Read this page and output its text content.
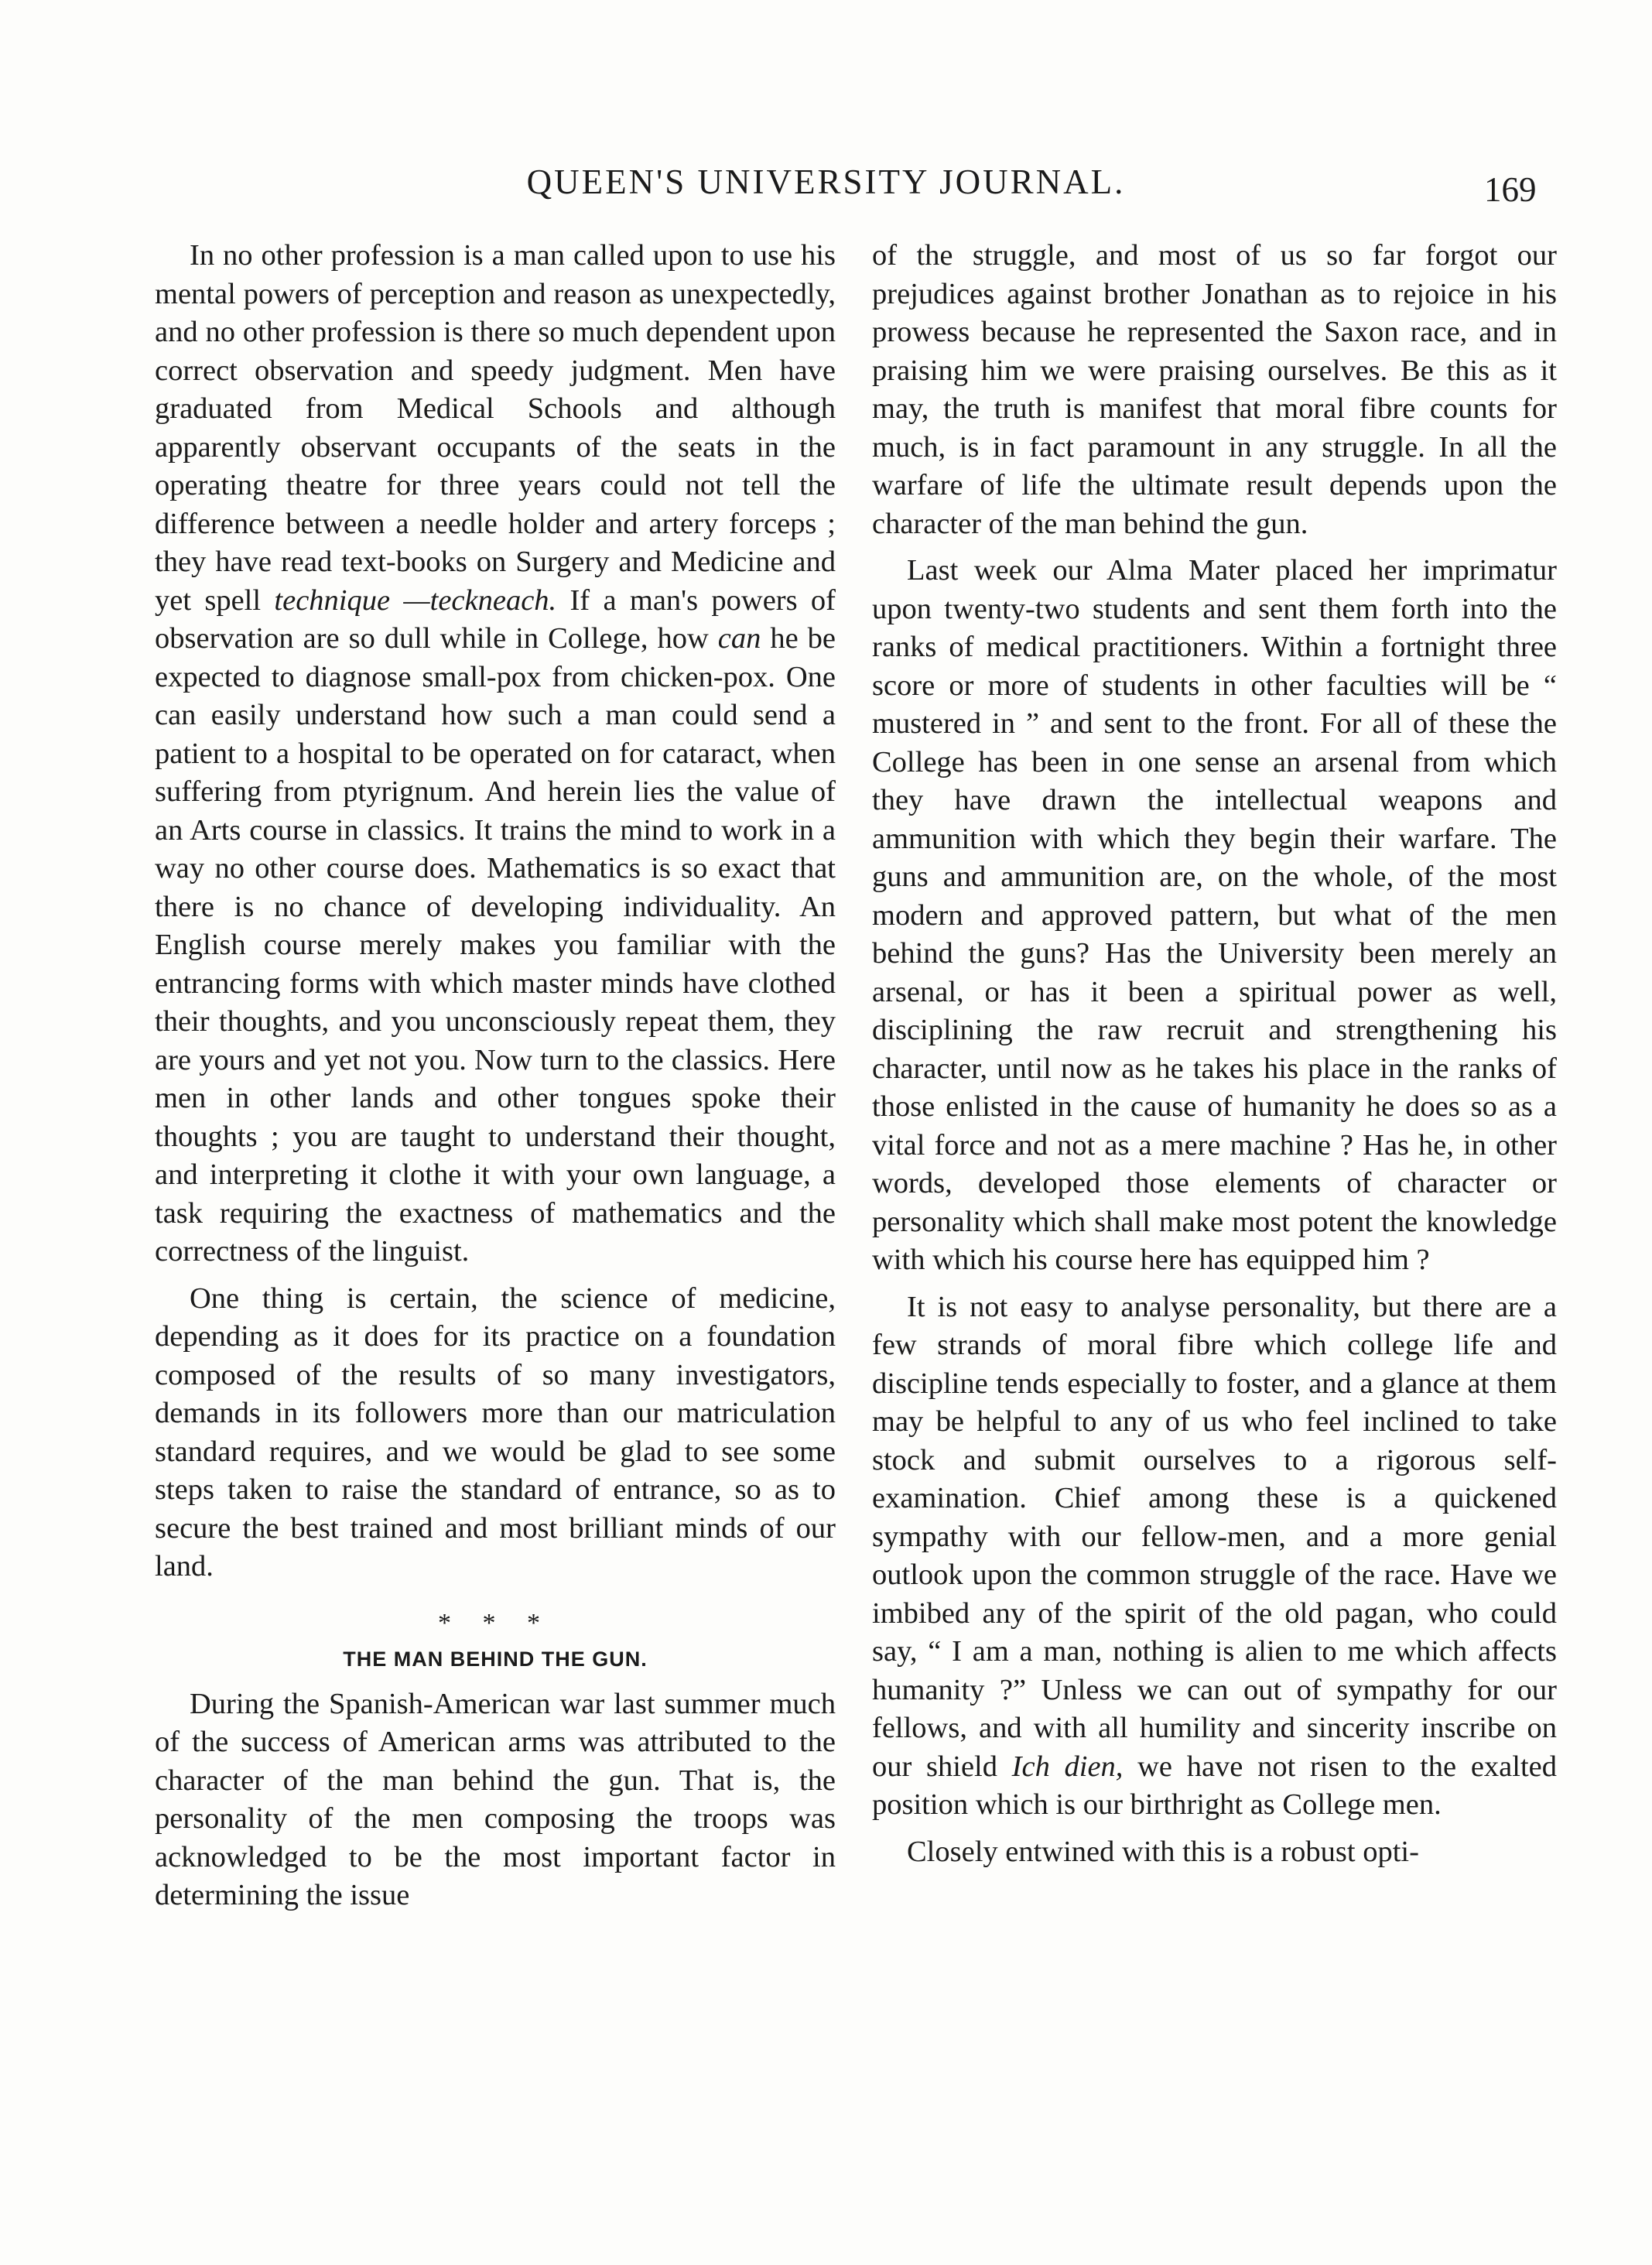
QUEEN'S UNIVERSITY JOURNAL.	169

In no other profession is a man called upon to use his mental powers of perception and reason as unexpectedly, and no other profession is there so much dependent upon correct observation and speedy judgment. Men have graduated from Medical Schools and although apparently observant occupants of the seats in the operating theatre for three years could not tell the difference between a needle holder and artery forceps ; they have read text-books on Surgery and Medicine and yet spell technique —teckneach. If a man's powers of observation are so dull while in College, how can he be expected to diagnose small-pox from chicken-pox. One can easily understand how such a man could send a patient to a hospital to be operated on for cataract, when suffering from ptyrignum. And herein lies the value of an Arts course in classics. It trains the mind to work in a way no other course does. Mathematics is so exact that there is no chance of developing individuality. An English course merely makes you familiar with the entrancing forms with which master minds have clothed their thoughts, and you unconsciously repeat them, they are yours and yet not you. Now turn to the classics. Here men in other lands and other tongues spoke their thoughts ; you are taught to understand their thought, and interpreting it clothe it with your own language, a task requiring the exactness of mathematics and the correctness of the linguist.

One thing is certain, the science of medicine, depending as it does for its practice on a foundation composed of the results of so many investigators, demands in its followers more than our matriculation standard requires, and we would be glad to see some steps taken to raise the standard of entrance, so as to secure the best trained and most brilliant minds of our land.

* * *
THE MAN BEHIND THE GUN.

During the Spanish-American war last summer much of the success of American arms was attributed to the character of the man behind the gun. That is, the personality of the men composing the troops was acknowledged to be the most important factor in determining the issue

of the struggle, and most of us so far forgot our prejudices against brother Jonathan as to rejoice in his prowess because he represented the Saxon race, and in praising him we were praising ourselves. Be this as it may, the truth is manifest that moral fibre counts for much, is in fact paramount in any struggle. In all the warfare of life the ultimate result depends upon the character of the man behind the gun.

Last week our Alma Mater placed her imprimatur upon twenty-two students and sent them forth into the ranks of medical practitioners. Within a fortnight three score or more of students in other faculties will be “ mustered in ” and sent to the front. For all of these the College has been in one sense an arsenal from which they have drawn the intellectual weapons and ammunition with which they begin their warfare. The guns and ammunition are, on the whole, of the most modern and approved pattern, but what of the men behind the guns? Has the University been merely an arsenal, or has it been a spiritual power as well, disciplining the raw recruit and strengthening his character, until now as he takes his place in the ranks of those enlisted in the cause of humanity he does so as a vital force and not as a mere machine ? Has he, in other words, developed those elements of character or personality which shall make most potent the knowledge with which his course here has equipped him ?

It is not easy to analyse personality, but there are a few strands of moral fibre which college life and discipline tends especially to foster, and a glance at them may be helpful to any of us who feel inclined to take stock and submit ourselves to a rigorous self-examination. Chief among these is a quickened sympathy with our fellow-men, and a more genial outlook upon the common struggle of the race. Have we imbibed any of the spirit of the old pagan, who could say, “ I am a man, nothing is alien to me which affects humanity ?” Unless we can out of sympathy for our fellows, and with all humility and sincerity inscribe on our shield Ich dien, we have not risen to the exalted position which is our birthright as College men.

Closely entwined with this is a robust opti-
